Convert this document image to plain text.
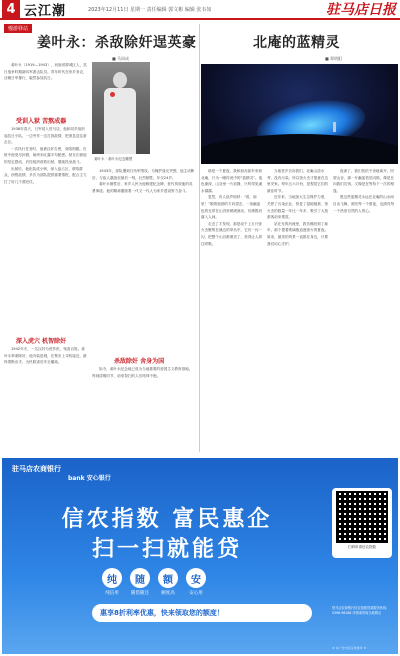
4 云江潮	2023年12月11日 星期一 责任编辑 郭文彬 编辑 张韦如	驻马店日报
慢游驿站
姜叶永：杀敌除奸逞英豪
■ 马同成

姜叶永（1919—1943），河南省驿城区人，抗日战争时期新四军游击队员。青年时代在家乡务农，目睹日军暴行，毅然参加抗日。

受训入狱 苦熬成器

1938年春天，日军侵入驻马店，他和同乡组织起抗日小队，一边劳作一边打探敌情，把消息送往游击区。

一次执行任务时，他被汉奸告密，身陷囹圄。在狱中他受尽折磨，始终未吐露半句秘密。狱友们被他的坚定感动，后经组织营救出狱，继续投身战斗。

出狱后，他化装成小贩，深入敌占区，联络群众，侦察敌情，多次为部队提供重要情报，配合主力打了好几个漂亮仗。

深入虎穴 机智除奸

1942年冬，一名汉奸为虎作伥，残害百姓。姜叶永奉命除奸，他乔装进城，在集市上寻机接近，最终果断出手，为民除害后安全撤离。

姜叶永 · 姜叶永纪念雕塑

1943年，部队遭到日伪军围攻。为掩护战友突围，他主动断后，与敌人激战至最后一刻，壮烈牺牲，年仅24岁。

姜叶永牺牲后，家乡人民为他修建纪念碑，世代传颂他的英勇事迹。他的精神激励着一代又一代人为家乡建设努力奋斗。

杀敌除奸 舍身为国

如今，姜叶永纪念地已成为当地重要的爱国主义教育基地。每到清明时节，前来祭扫的人们络绎不绝。

北庵的蓝精灵
■ 郑明阳

那是一个夏夜，我和朋友驱车来到北庵，只为一睹传说中的“蓝精灵”。夜色渐深，山谷里一片寂静，只听得见溪水潺潺。

忽然，有人低声惊呼：“看，那里！”顺着他指的方向望去，一条幽蓝色的光带在山沟里缓缓流动，仿佛银河落入人间。

走近了才发现，那是成千上万只萤火虫聚集在溪边的草丛中，它们一闪一闪，把整个山谷都照亮了，美得让人屏住呼吸。

当地老乡告诉我们，北庵山清水秀，没有污染，所以萤火虫才愿意在这里安家。每年五六月份，是观赏它们的最佳时节。

近年来，当地加大生态保护力度，关停了污染企业，恢复了湿地植被，萤火虫的数量一年比一年多，吸引了大批游客前来观赏。

站在光的河流里，我仿佛回到了童年，那个提着玻璃瓶追逐萤火的夏夜。原来，最美的风景一直都在身边，只要我们用心守护。

夜深了，我们依依不舍地离开。回望山谷，那一片幽蓝依旧闪烁，像是在向我们告别，又像是在等待下一次的相逢。

愿这些蓝精灵永远在北庵的山水间自由飞舞，照亮每一个夏夜，也照亮每一个热爱自然的人的心。

驻马店农商银行
bank 安心银行
信农指数 富民惠企
扫一扫就能贷
纯
纯信用
随
随借随还
额
额度高
安
安心用
惠享8折利率优惠，快来领取您的额度！
扫码申请信农指数
驻马店农商银行信农指数贷款服务热线：0396-96288 详情请咨询当地网点
★ 本广告内容仅供参考 ★
